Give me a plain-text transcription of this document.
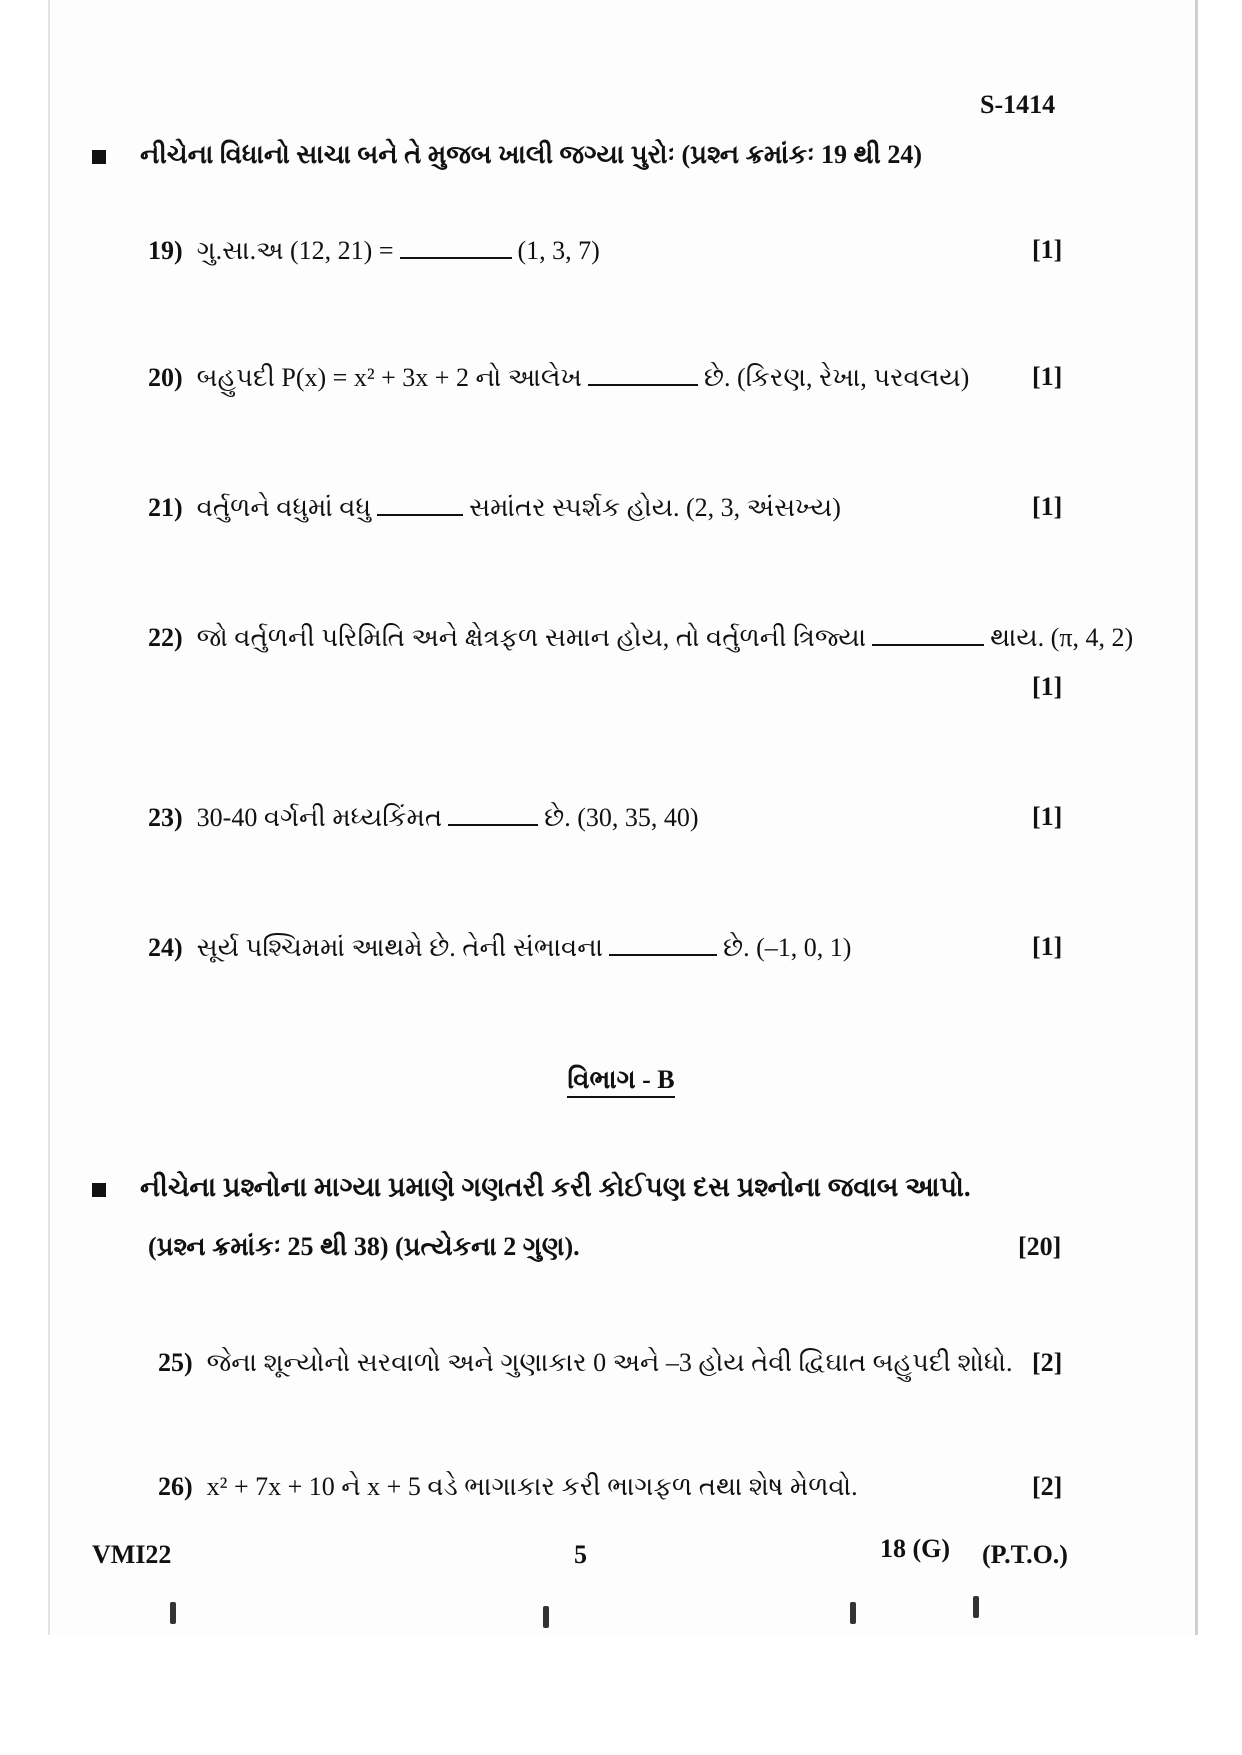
S-1414
નીચેના વિધાનો સાચા બને તે મુજબ ખાલી જગ્યા પુરોઃ (પ્રશ્ન ક્રમાંકઃ 19 થી 24)
19) ગુ.સા.અ (12, 21) =	(1, 3, 7)	[1]
20) બહુપદી P(x) = x² + 3x + 2 નો આલેખ	છે. (કિરણ, રેખા, પરવલય) [1]
21) વર્તુળને વધુમાં વધુ	સમાંતર સ્પર્શક હોય. (2, 3, અંસખ્ય)	[1]
22) જો વર્તુળની પરિમિતિ અને ક્ષેત્રફળ સમાન હોય, તો વર્તુળની ત્રિજ્યા	થાય. (π, 4, 2)
[1]
23) 30-40 વર્ગની મધ્યકિંમત	છે. (30, 35, 40)	[1]
24) સૂર્ય પશ્ચિમમાં આથમે છે. તેની સંભાવના	છે. (–1, 0, 1)	[1]
વિભાગ - B
નીચેના પ્રશ્નોના માગ્યા પ્રમાણે ગણતરી કરી કોઈપણ દસ પ્રશ્નોના જવાબ આપો.
(પ્રશ્ન ક્રમાંકઃ 25 થી 38) (પ્રત્યેકના 2 ગુણ).	[20]
25) જેના શૂન્યોનો સરવાળો અને ગુણાકાર 0 અને –3 હોય તેવી દ્વિઘાત બહુપદી શોધો. [2]
26) x² + 7x + 10 ને x + 5 વડે ભાગાકાર કરી ભાગફળ તથા શેષ મેળવો.	[2]
VMI22	5	18 (G) (P.T.O.)
